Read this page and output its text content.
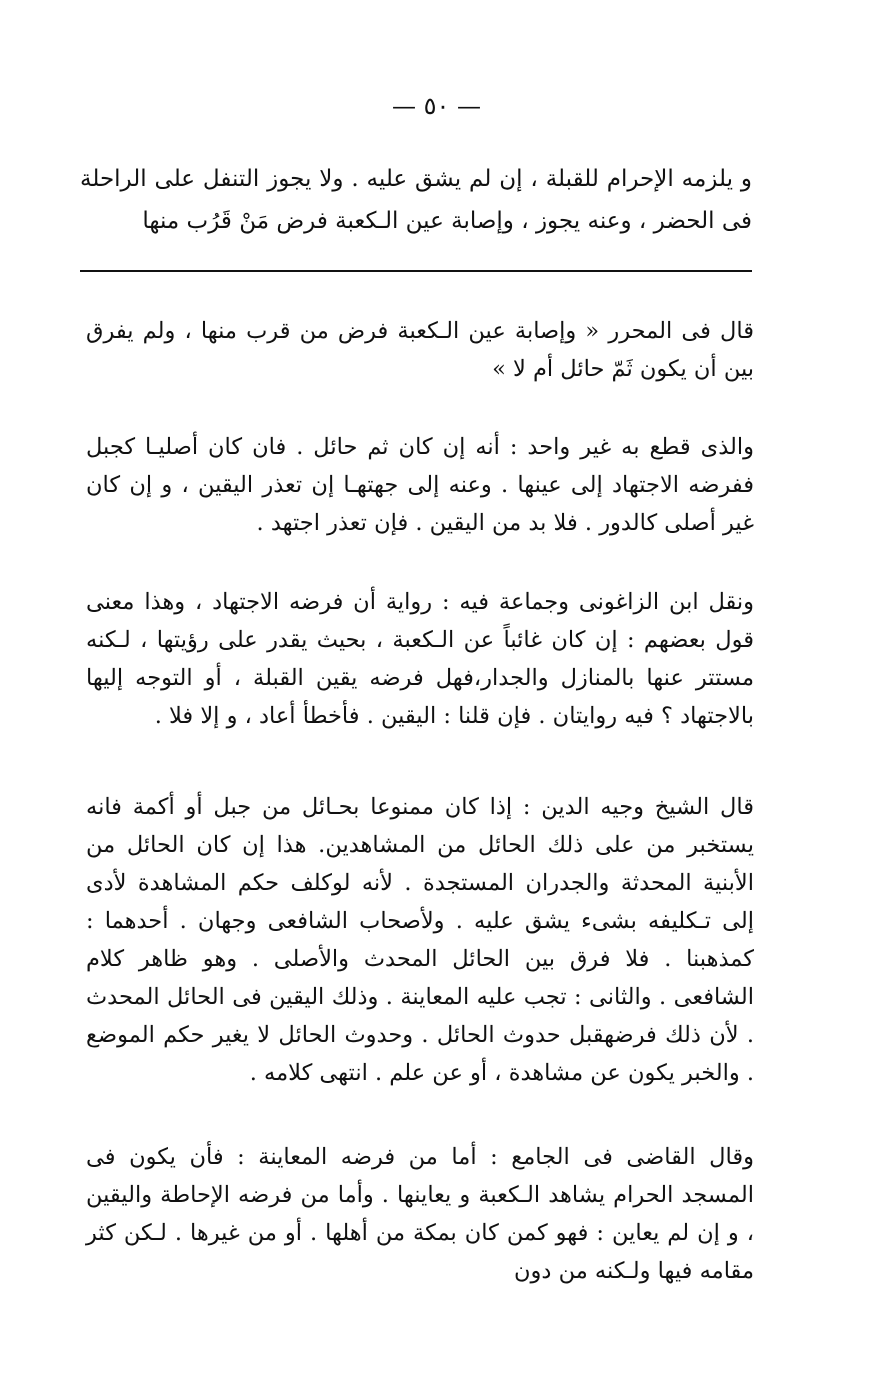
— ٥٠ —

و يلزمه الإحرام للقبلة ، إن لم يشق عليه . ولا يجوز التنفل على الراحلة فى الحضر ، وعنه يجوز ، وإصابة عين الـكعبة فرض مَنْ قَرُب منها

قال فى المحرر « وإصابة عين الـكعبة فرض من قرب منها ، ولم يفرق بين أن يكون ثَمّ حائل أم لا »

والذى قطع به غير واحد : أنه إن كان ثم حائل . فان كان أصليـا كجبل ففرضه الاجتهاد إلى عينها . وعنه إلى جهتهـا إن تعذر اليقين ، و إن كان غير أصلى كالدور . فلا بد من اليقين . فإن تعذر اجتهد .

ونقل ابن الزاغونى وجماعة فيه : رواية أن فرضه الاجتهاد ، وهذا معنى قول بعضهم : إن كان غائباً عن الـكعبة ، بحيث يقدر على رؤيتها ، لـكنه مستتر عنها بالمنازل والجدار،فهل فرضه يقين القبلة ، أو التوجه إليها بالاجتهاد ؟ فيه روايتان . فإن قلنا : اليقين . فأخطأ أعاد ، و إلا فلا .

قال الشيخ وجيه الدين : إذا كان ممنوعا بحـائل من جبل أو أكمة فانه يستخبر من على ذلك الحائل من المشاهدين. هذا إن كان الحائل من الأبنية المحدثة والجدران المستجدة . لأنه لوكلف حكم المشاهدة لأدى إلى تـكليفه بشىء يشق عليه . ولأصحاب الشافعى وجهان . أحدهما : كمذهبنا . فلا فرق بين الحائل المحدث والأصلى . وهو ظاهر كلام الشافعى . والثانى : تجب عليه المعاينة . وذلك اليقين فى الحائل المحدث . لأن ذلك فرضهقبل حدوث الحائل . وحدوث الحائل لا يغير حكم الموضع . والخبر يكون عن مشاهدة ، أو عن علم . انتهى كلامه .

وقال القاضى فى الجامع : أما من فرضه المعاينة : فأن يكون فى المسجد الحرام يشاهد الـكعبة و يعاينها . وأما من فرضه الإحاطة واليقين ، و إن لم يعاين : فهو كمن كان بمكة من أهلها . أو من غيرها . لـكن كثر مقامه فيها ولـكنه من دون
